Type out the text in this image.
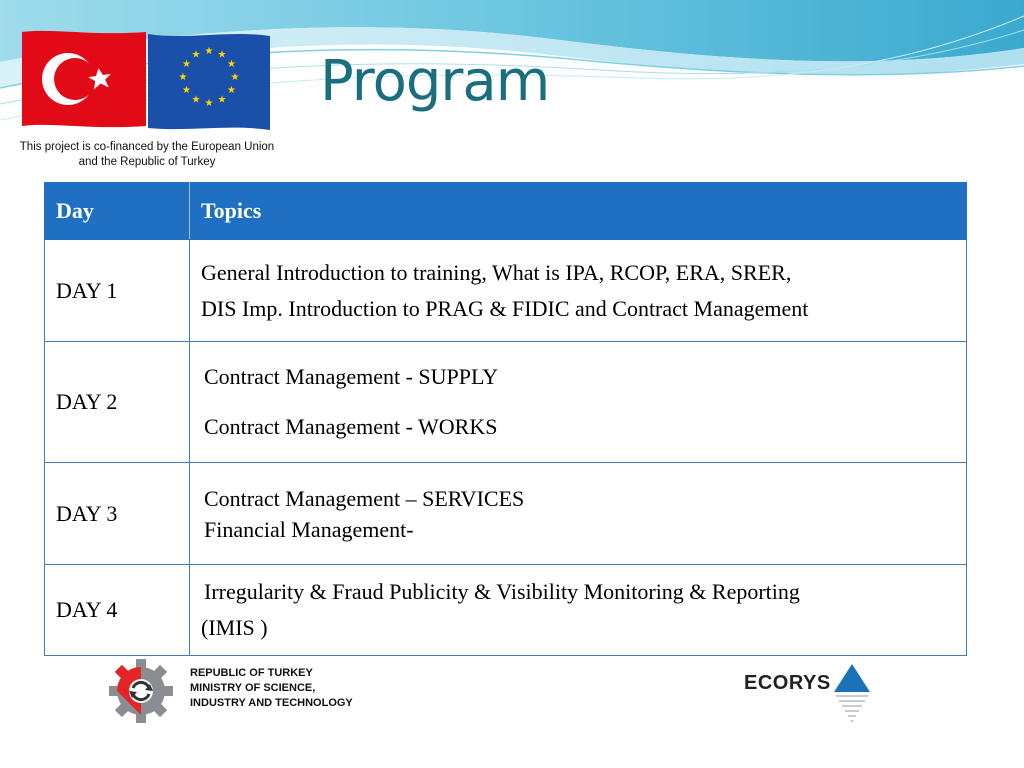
★ ★
★
★
★
★
★
★
★
★
★
★

This project is co-financed by the European Union and the Republic of Turkey

Program
Day	Topics
DAY 1	General Introduction to training, What is IPA, RCOP, ERA, SRER,
DIS Imp. Introduction to PRAG & FIDIC and Contract Management

DAY 2	Contract Management - SUPPLY
Contract Management - WORKS

DAY 3	Contract Management – SERVICES
Financial Management-

DAY 4	Irregularity & Fraud Publicity & Visibility Monitoring & Reporting
(IMIS )
REPUBLIC OF TURKEY
MINISTRY OF SCIENCE,
INDUSTRY AND TECHNOLOGY
ECORYS
